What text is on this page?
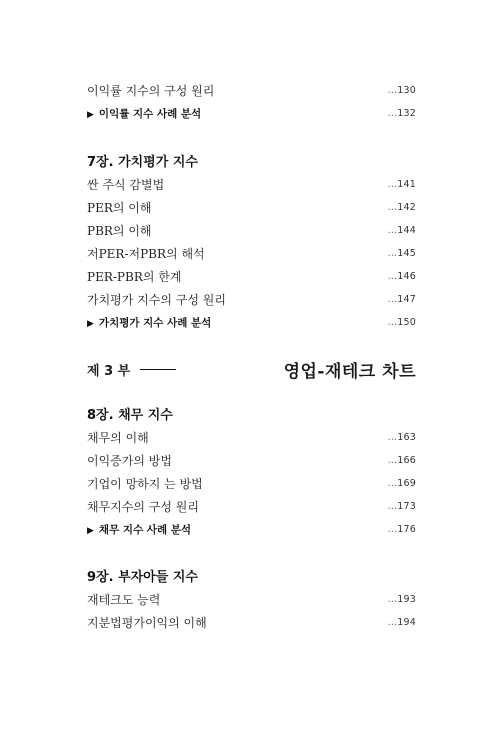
이익률 지수의 구성 원리	… 130
▶ 이익률 지수 사례 분석	… 132
7장. 가치평가 지수
싼 주식 감별법	… 141
PER의 이해	… 142
PBR의 이해	… 144
저PER-저PBR의 해석	… 145
PER-PBR의 한계	… 146
가치평가 지수의 구성 원리	… 147
▶ 가치평가 지수 사례 분석	… 150
제 3 부	영업-재테크 차트
8장. 채무 지수
채무의 이해	… 163
이익증가의 방법	… 166
기업이 망하지 는 방법	… 169
채무지수의 구성 원리	… 173
▶ 채무 지수 사례 분석	… 176
9장. 부자아들 지수
재테크도 능력	… 193
지분법평가이익의 이해	… 194
